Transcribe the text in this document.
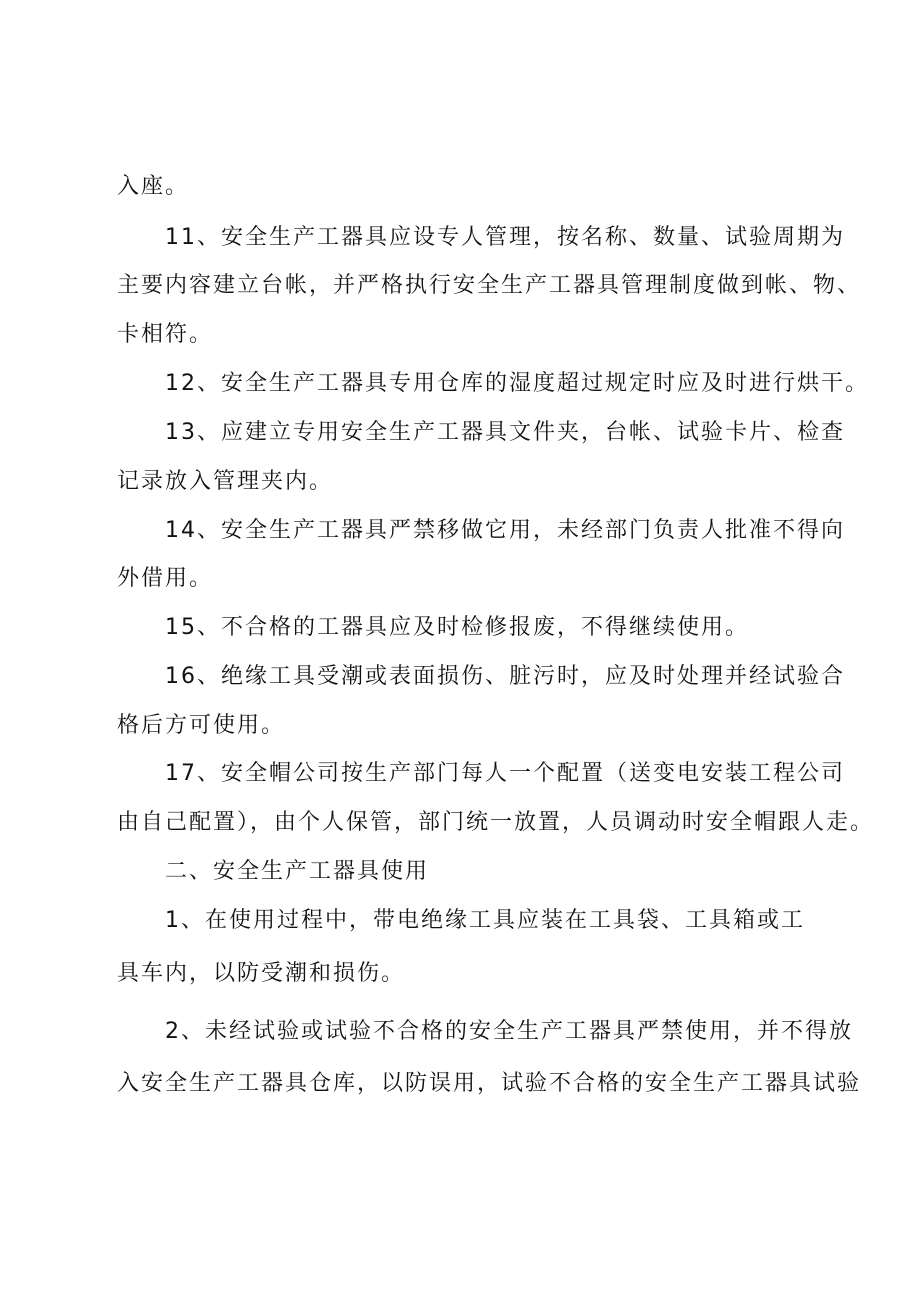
入座。
11、安全生产工器具应设专人管理，按名称、数量、试验周期为
主要内容建立台帐，并严格执行安全生产工器具管理制度做到帐、物、
卡相符。
12、安全生产工器具专用仓库的湿度超过规定时应及时进行烘干。
13、应建立专用安全生产工器具文件夹，台帐、试验卡片、检查
记录放入管理夹内。
14、安全生产工器具严禁移做它用，未经部门负责人批准不得向
外借用。
15、不合格的工器具应及时检修报废，不得继续使用。
16、绝缘工具受潮或表面损伤、脏污时，应及时处理并经试验合
格后方可使用。
17、安全帽公司按生产部门每人一个配置（送变电安装工程公司
由自己配置），由个人保管，部门统一放置，人员调动时安全帽跟人走。
二、安全生产工器具使用
1、在使用过程中，带电绝缘工具应装在工具袋、工具箱或工
具车内，以防受潮和损伤。
2、未经试验或试验不合格的安全生产工器具严禁使用，并不得放
入安全生产工器具仓库，以防误用，试验不合格的安全生产工器具试验
